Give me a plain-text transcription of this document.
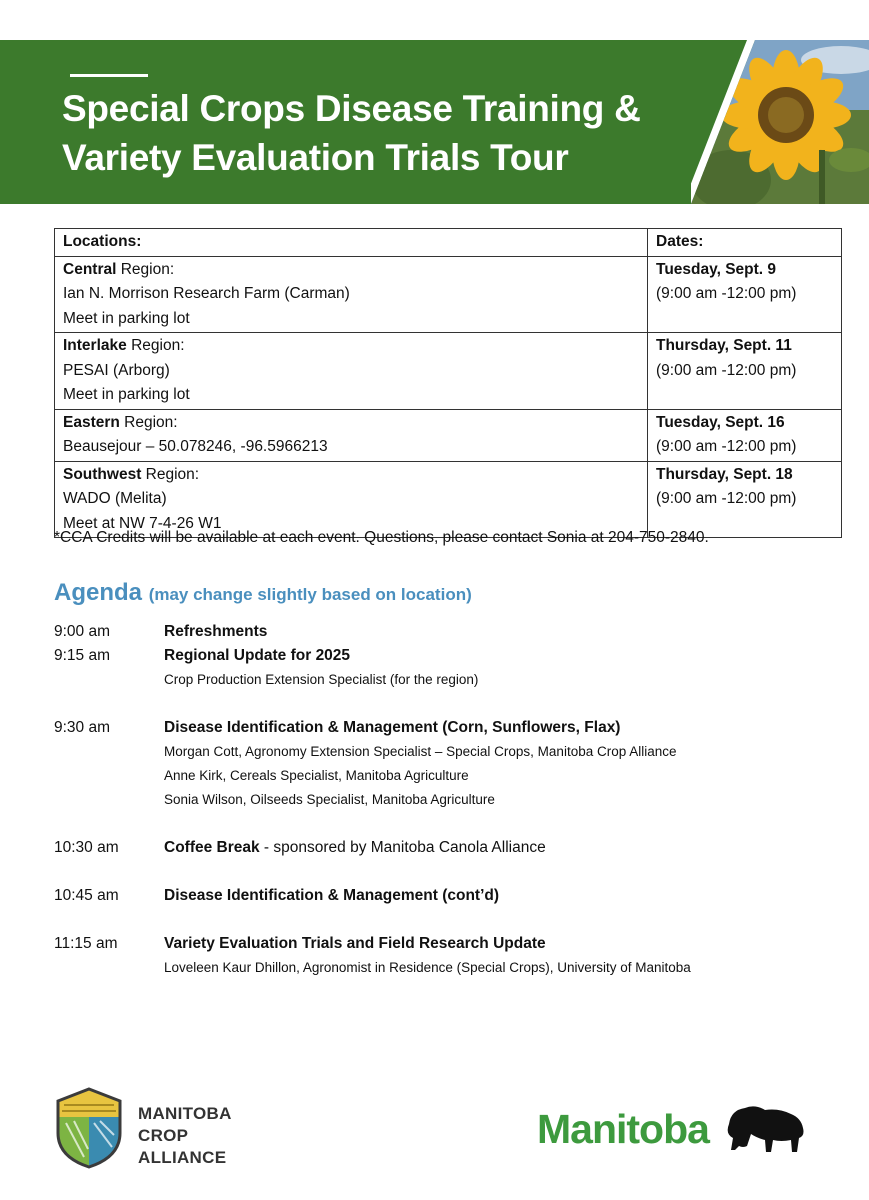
Special Crops Disease Training &
Variety Evaluation Trials Tour
Locations:	Dates:
Central Region:
Ian N. Morrison Research Farm (Carman)
Meet in parking lot	Tuesday, Sept. 9
(9:00 am -12:00 pm)
Interlake Region:
PESAI (Arborg)
Meet in parking lot	Thursday, Sept. 11
(9:00 am -12:00 pm)
Eastern Region:
Beausejour – 50.078246, -96.5966213	Tuesday, Sept. 16
(9:00 am -12:00 pm)
Southwest Region:
WADO (Melita)
Meet at NW 7-4-26 W1	Thursday, Sept. 18
(9:00 am -12:00 pm)

*CCA Credits will be available at each event. Questions, please contact Sonia at 204-750-2840.

Agenda (may change slightly based on location)
9:00 am	Refreshments
9:15 am	Regional Update for 2025
Crop Production Extension Specialist (for the region)
9:30 am	Disease Identification & Management (Corn, Sunflowers, Flax)
Morgan Cott, Agronomy Extension Specialist – Special Crops, Manitoba Crop Alliance
Anne Kirk, Cereals Specialist, Manitoba Agriculture
Sonia Wilson, Oilseeds Specialist, Manitoba Agriculture
10:30 am	Coffee Break - sponsored by Manitoba Canola Alliance
10:45 am	Disease Identification & Management (cont’d)
11:15 am	Variety Evaluation Trials and Field Research Update
Loveleen Kaur Dhillon, Agronomist in Residence (Special Crops), University of Manitoba
MANITOBA
CROP
ALLIANCE
Manitoba
